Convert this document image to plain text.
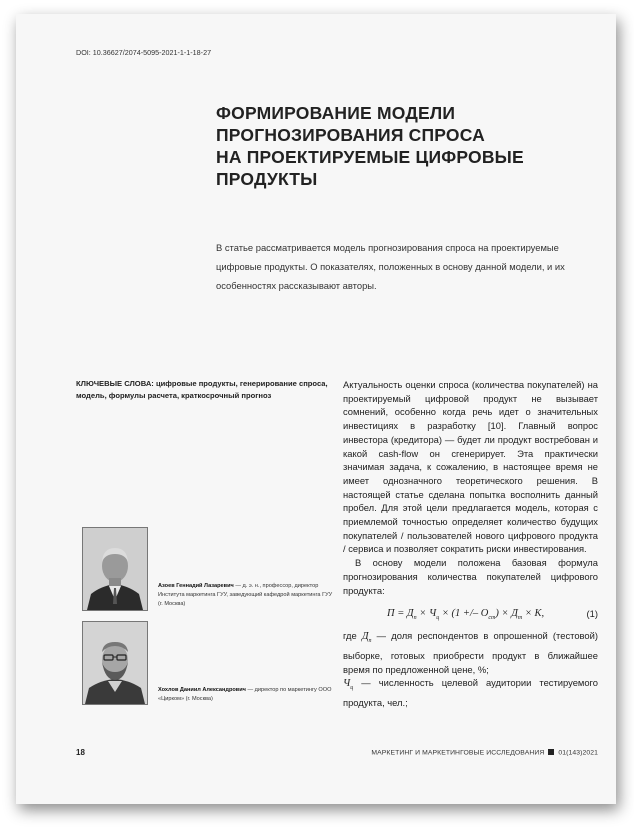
DOI: 10.36627/2074-5095-2021-1-1-18-27
ФОРМИРОВАНИЕ МОДЕЛИ
ПРОГНОЗИРОВАНИЯ СПРОСА
НА ПРОЕКТИРУЕМЫЕ ЦИФРОВЫЕ ПРОДУКТЫ

В статье рассматривается модель прогнозирования спроса на проектируемые цифровые продукты. О показателях, положенных в основу данной модели, и их особенностях рассказывают авторы.

КЛЮЧЕВЫЕ СЛОВА: цифровые продукты, генерирование спроса, модель, формулы расчета, краткосрочный прогноз

Азоев Геннадий Лазаревич — д. э. н., профессор, директор Института маркетинга ГУУ, заведующий кафедрой маркетинга ГУУ (г. Москва)

Хохлов Даниил Александрович — директор по маркетингу ООО «Цирком» (г. Москва)

Актуальность оценки спроса (количества покупателей) на проектируемый цифровой продукт не вызывает сомнений, особенно когда речь идет о значительных инвестициях в разработку [10]. Главный вопрос инвестора (кредитора) — будет ли продукт востребован и какой cash-flow он сгенерирует. Эта практически значимая задача, к сожалению, в настоящее время не имеет однозначного теоретического решения. В настоящей статье сделана попытка восполнить данный пробел. Для этой цели предлагается модель, которая с приемлемой точностью определяет количество будущих покупателей / пользователей нового цифрового продукта / сервиса и позволяет сократить риски инвестирования.

В основу модели положена базовая формула прогнозирования количества покупателей цифрового продукта:

$П = Д_п \times Ч_ц \times (1$ +/– $О_{ст}) \times Д_т \times К$,	(1)

где $Д_п$ — доля респондентов в опрошенной (тестовой) выборке, готовых приобрести продукт в ближайшее время по предложенной цене, %;

$Ч_ц$ — численность целевой аудитории тестируемого продукта, чел.;

18	МАРКЕТИНГ И МАРКЕТИНГОВЫЕ ИССЛЕДОВАНИЯ 01(143)2021
